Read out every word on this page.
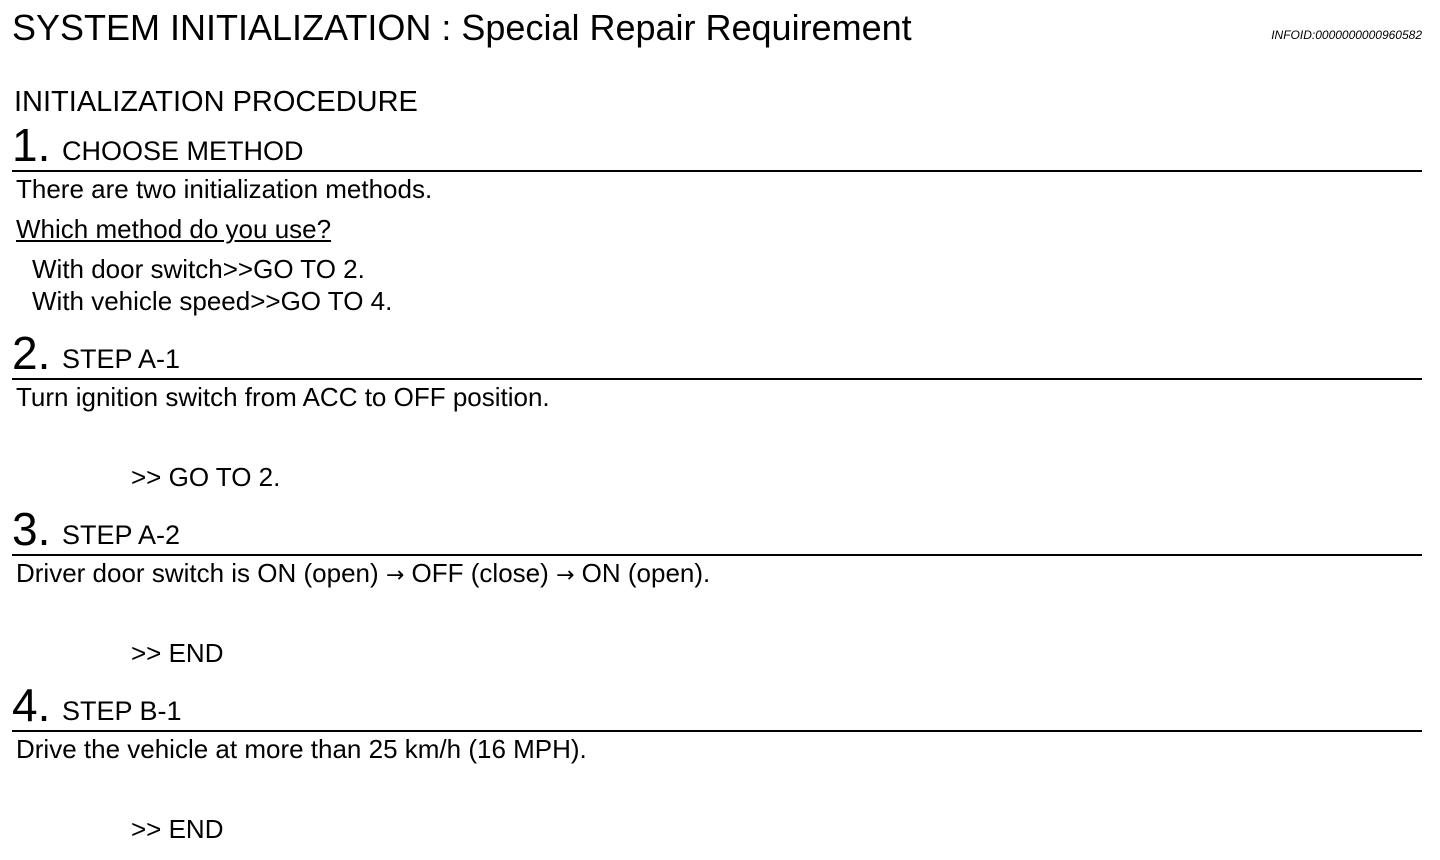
SYSTEM INITIALIZATION : Special Repair Requirement	INFOID:0000000000960582
INITIALIZATION PROCEDURE
1. CHOOSE METHOD
There are two initialization methods.
Which method do you use?
With door switch>>GO TO 2.
With vehicle speed>>GO TO 4.
2. STEP A-1
Turn ignition switch from ACC to OFF position.
>> GO TO 2.
3. STEP A-2
Driver door switch is ON (open) → OFF (close) → ON (open).
>> END
4. STEP B-1
Drive the vehicle at more than 25 km/h (16 MPH).
>> END
